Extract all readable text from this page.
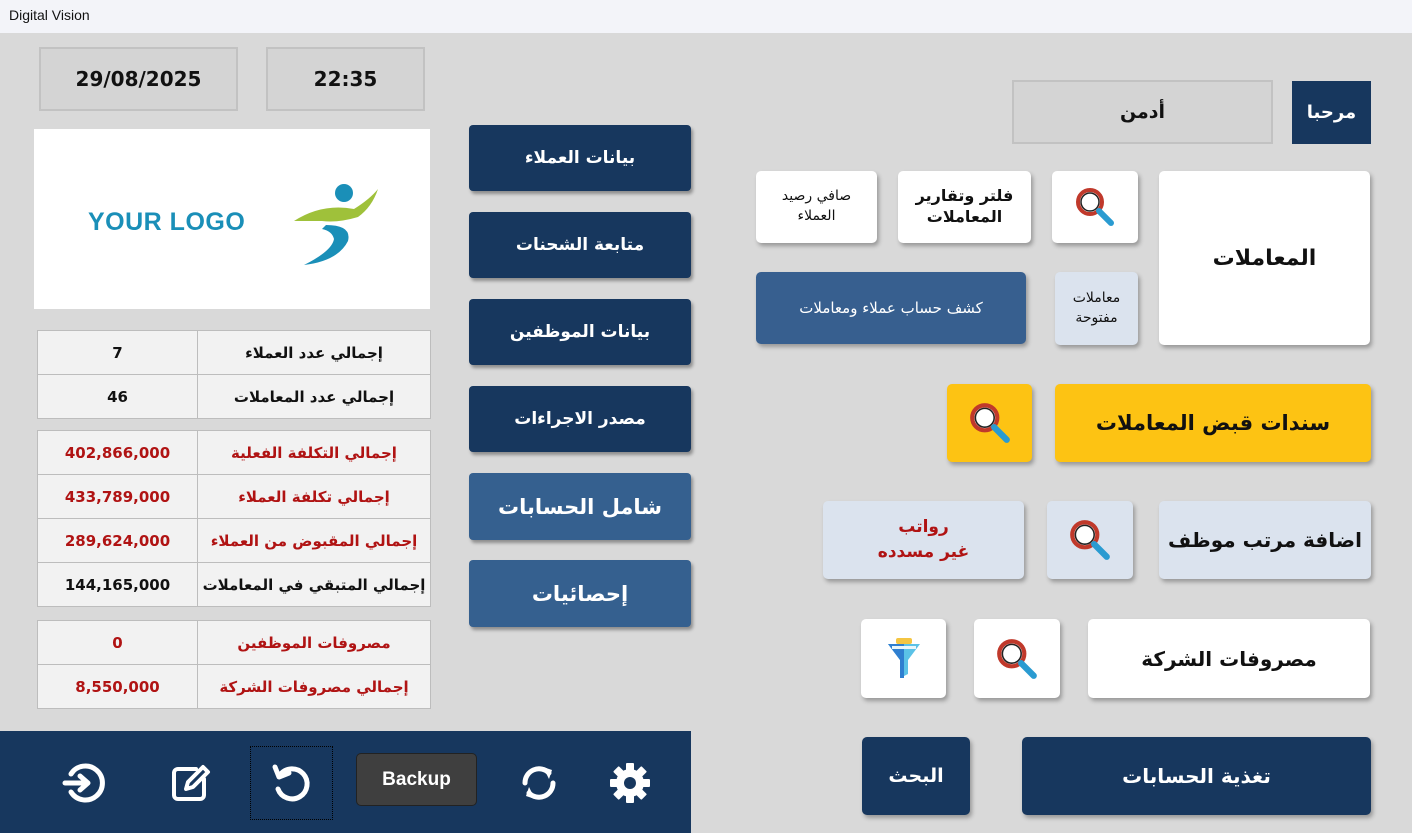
Digital Vision
29/08/2025	22:35
YOUR LOGO
7	إجمالي عدد العملاء
46	إجمالي عدد المعاملات
402,866,000	إجمالي التكلفة الفعلية
433,789,000	إجمالي تكلفة العملاء
289,624,000	إجمالي المقبوض من العملاء
144,165,000	إجمالي المتبقي في المعاملات
0	مصروفات الموظفين
8,550,000	إجمالي مصروفات الشركة
بيانات العملاء
متابعة الشحنات
بيانات الموظفين
مصدر الاجراءات
شامل الحسابات
إحصائيات
أدمن	مرحبا
المعاملات
فلتر وتقارير المعاملات
صافي رصيد العملاء
معاملات مفتوحة
كشف حساب عملاء ومعاملات
سندات قبض المعاملات
اضافة مرتب موظف
رواتب
غير مسدده
مصروفات الشركة
البحث	تغذية الحسابات
Backup
